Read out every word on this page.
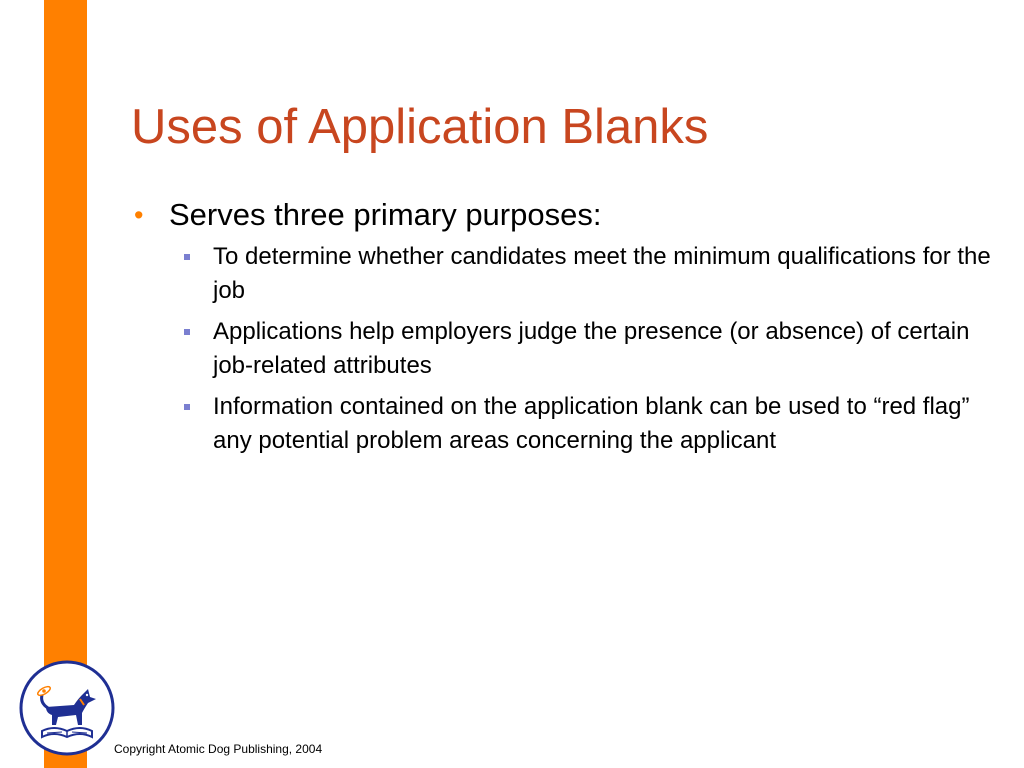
Uses of Application Blanks
• Serves three primary purposes:
To determine whether candidates meet the minimum qualifications for the job
Applications help employers judge the presence (or absence) of certain job-related attributes
Information contained on the application blank can be used to “red flag” any potential problem areas concerning the applicant
Copyright Atomic Dog Publishing, 2004
